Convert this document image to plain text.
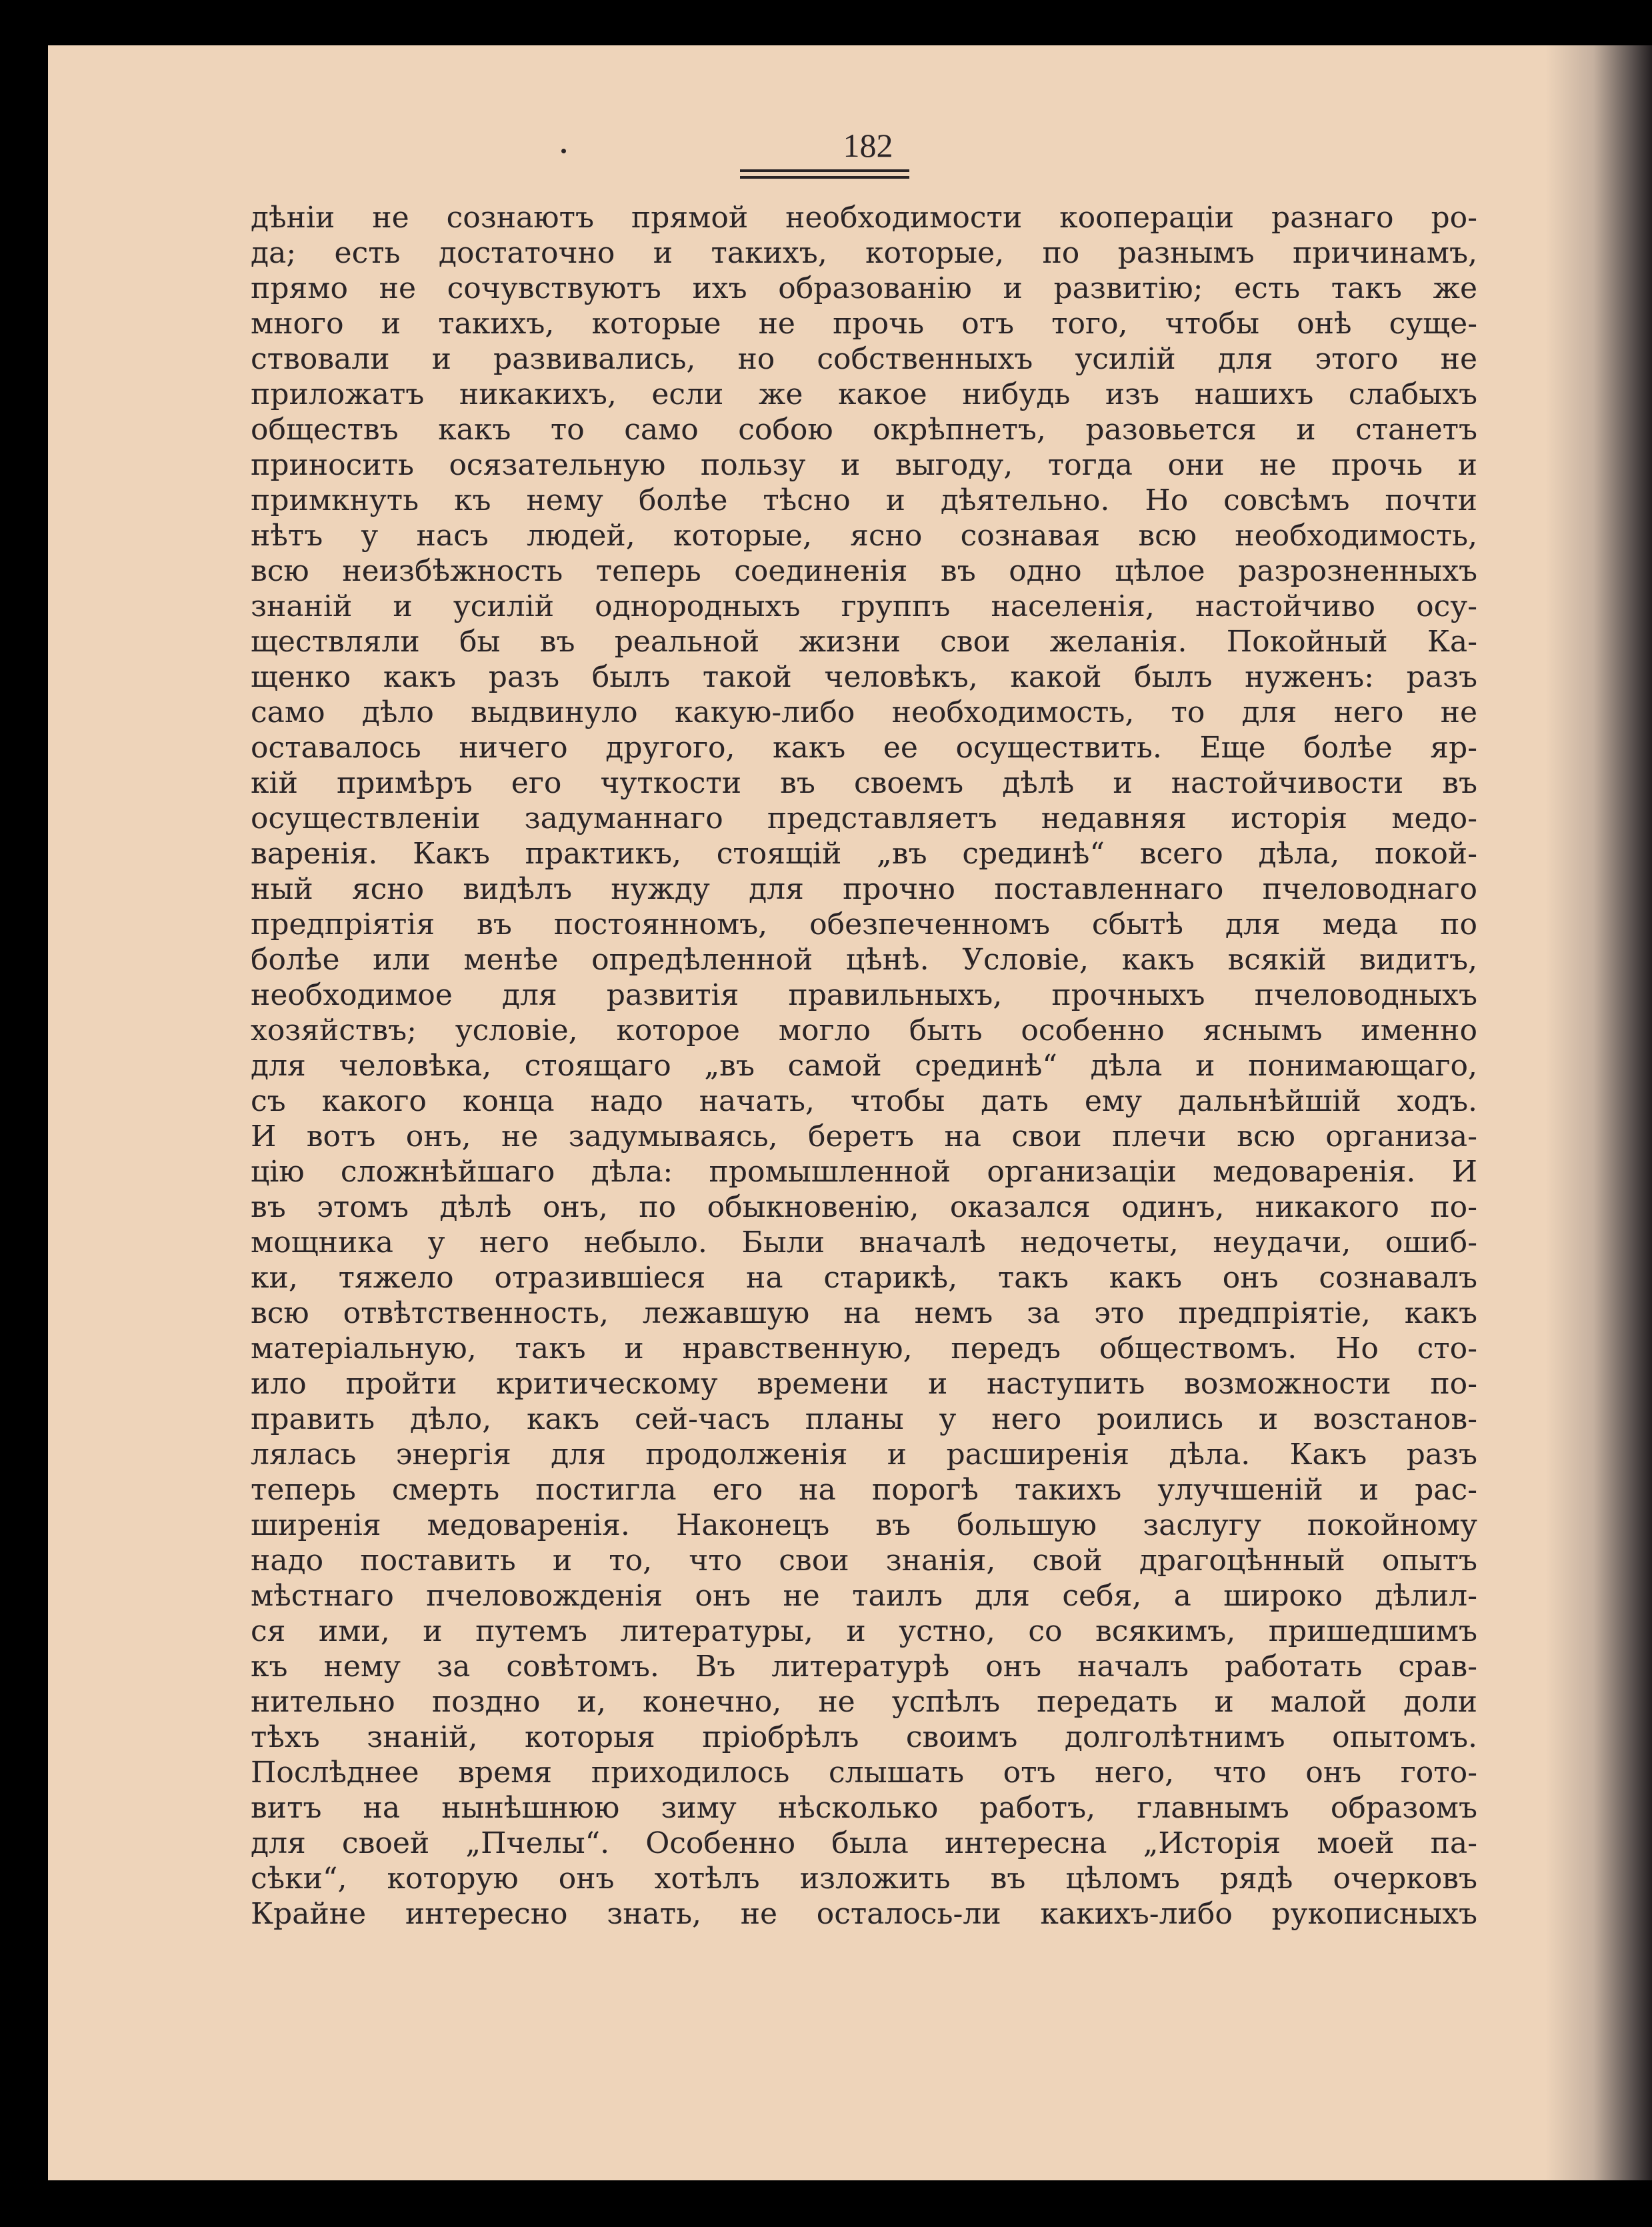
182
дѣніи не сознаютъ прямой необходимости коопераціи разнаго ро-
да; есть достаточно и такихъ, которые, по разнымъ причинамъ,
прямо не сочувствуютъ ихъ образованію и развитію; есть такъ же
много и такихъ, которые не прочь отъ того, чтобы онѣ суще-
ствовали и развивались, но собственныхъ усилій для этого не
приложатъ никакихъ, если же какое нибудь изъ нашихъ слабыхъ
обществъ какъ то само собою окрѣпнетъ, разовьется и станетъ
приносить осязательную пользу и выгоду, тогда они не прочь и
примкнуть къ нему болѣе тѣсно и дѣятельно. Но совсѣмъ почти
нѣтъ у насъ людей, которые, ясно сознавая всю необходимость,
всю неизбѣжность теперь соединенія въ одно цѣлое разрозненныхъ
знаній и усилій однородныхъ группъ населенія, настойчиво осу-
ществляли бы въ реальной жизни свои желанія. Покойный Ка-
щенко какъ разъ былъ такой человѣкъ, какой былъ нуженъ: разъ
само дѣло выдвинуло какую-либо необходимость, то для него не
оставалось ничего другого, какъ ее осуществить. Еще болѣе яр-
кій примѣръ его чуткости въ своемъ дѣлѣ и настойчивости въ
осуществленіи задуманнаго представляетъ недавняя исторія медо-
варенія. Какъ практикъ, стоящій „въ срединѣ“ всего дѣла, покой-
ный ясно видѣлъ нужду для прочно поставленнаго пчеловоднаго
предпріятія въ постоянномъ, обезпеченномъ сбытѣ для меда по
болѣе или менѣе опредѣленной цѣнѣ. Условіе, какъ всякій видитъ,
необходимое для развитія правильныхъ, прочныхъ пчеловодныхъ
хозяйствъ; условіе, которое могло быть особенно яснымъ именно
для человѣка, стоящаго „въ самой срединѣ“ дѣла и понимающаго,
съ какого конца надо начать, чтобы дать ему дальнѣйшій ходъ.
И вотъ онъ, не задумываясь, беретъ на свои плечи всю организа-
цію сложнѣйшаго дѣла: промышленной организаціи медоваренія. И
въ этомъ дѣлѣ онъ, по обыкновенію, оказался одинъ, никакого по-
мощника у него небыло. Были вначалѣ недочеты, неудачи, ошиб-
ки, тяжело отразившіеся на старикѣ, такъ какъ онъ сознавалъ
всю отвѣтственность, лежавшую на немъ за это предпріятіе, какъ
матеріальную, такъ и нравственную, передъ обществомъ. Но сто-
ило пройти критическому времени и наступить возможности по-
править дѣло, какъ сей-часъ планы у него роились и возстанов-
лялась энергія для продолженія и расширенія дѣла. Какъ разъ
теперь смерть постигла его на порогѣ такихъ улучшеній и рас-
ширенія медоваренія. Наконецъ въ большую заслугу покойному
надо поставить и то, что свои знанія, свой драгоцѣнный опытъ
мѣстнаго пчеловожденія онъ не таилъ для себя, а широко дѣлил-
ся ими, и путемъ литературы, и устно, со всякимъ, пришедшимъ
къ нему за совѣтомъ. Въ литературѣ онъ началъ работать срав-
нительно поздно и, конечно, не успѣлъ передать и малой доли
тѣхъ знаній, которыя пріобрѣлъ своимъ долголѣтнимъ опытомъ.
Послѣднее время приходилось слышать отъ него, что онъ гото-
витъ на нынѣшнюю зиму нѣсколько работъ, главнымъ образомъ
для своей „Пчелы“. Особенно была интересна „Исторія моей па-
сѣки“, которую онъ хотѣлъ изложить въ цѣломъ рядѣ очерковъ
Крайне интересно знать, не осталось-ли какихъ-либо рукописныхъ
